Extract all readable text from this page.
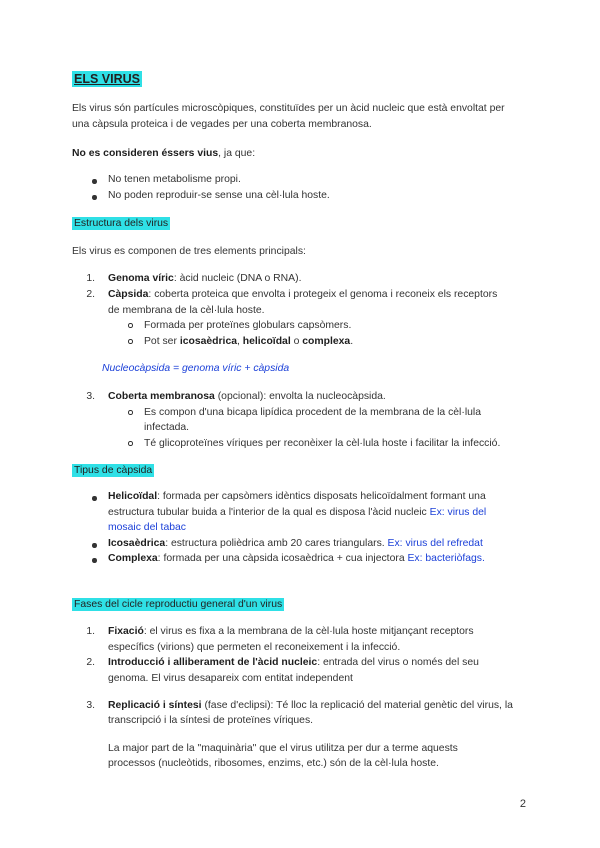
ELS VIRUS
Els virus són partícules microscòpiques, constituïdes per un àcid nucleic que està envoltat per
una càpsula proteica i de vegades per una coberta membranosa.
No es consideren éssers vius, ja que:
No tenen metabolisme propi.
No poden reproduir-se sense una cèl·lula hoste.
Estructura dels virus
Els virus es componen de tres elements principals:
1. Genoma víric: àcid nucleic (DNA o RNA).
2. Càpsida: coberta proteica que envolta i protegeix el genoma i reconeix els receptors
de membrana de la cèl·lula hoste.
Formada per proteïnes globulars capsòmers.
Pot ser icosaèdrica, helicoïdal o complexa.
Nucleocàpsida = genoma víric + càpsida
3. Coberta membranosa (opcional): envolta la nucleocàpsida.
Es compon d'una bicapa lipídica procedent de la membrana de la cèl·lula
infectada.
Té glicoproteïnes víriques per reconèixer la cèl·lula hoste i facilitar la infecció.
Tipus de càpsida
Helicoïdal: formada per capsòmers idèntics disposats helicoïdalment formant una
estructura tubular buida a l'interior de la qual es disposa l'àcid nucleic Ex: virus del
mosaic del tabac
Icosaèdrica: estructura polièdrica amb 20 cares triangulars. Ex: virus del refredat
Complexa: formada per una càpsida icosaèdrica + cua injectora Ex: bacteriòfags.
Fases del cicle reproductiu general d'un virus
1. Fixació: el virus es fixa a la membrana de la cèl·lula hoste mitjançant receptors
específics (virions) que permeten el reconeixement i la infecció.
2. Introducció i alliberament de l'àcid nucleic: entrada del virus o només del seu
genoma. El virus desapareix com entitat independent
3. Replicació i síntesi (fase d'eclipsi): Té lloc la replicació del material genètic del virus, la
transcripció i la síntesi de proteïnes víriques.
La major part de la "maquinària" que el virus utilitza per dur a terme aquests
processos (nucleòtids, ribosomes, enzims, etc.) són de la cèl·lula hoste.
2
